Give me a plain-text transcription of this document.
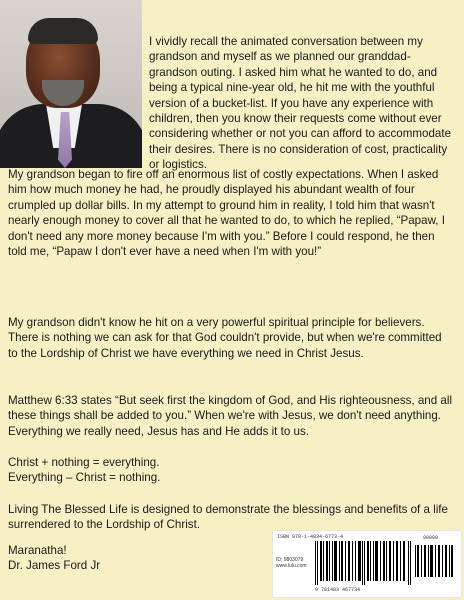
I vividly recall the animated conversation between my grandson and myself as we planned our granddad-grandson outing. I asked him what he wanted to do, and being a typical nine-year old, he hit me with the youthful version of a bucket-list. If you have any experience with children, then you know their requests come without ever considering whether or not you can afford to accommodate their desires. There is no consideration of cost, practicality or logistics.

My grandson began to fire off an enormous list of costly expectations. When I asked him how much money he had, he proudly displayed his abundant wealth of four crumpled up dollar bills. In my attempt to ground him in reality, I told him that wasn't nearly enough money to cover all that he wanted to do, to which he replied, “Papaw, I don't need any more money because I'm with you.” Before I could respond, he then told me, “Papaw I don't ever have a need when I'm with you!”

My grandson didn't know he hit on a very powerful spiritual principle for believers. There is nothing we can ask for that God couldn't provide, but when we're committed to the Lordship of Christ we have everything we need in Christ Jesus.

Matthew 6:33 states “But seek first the kingdom of God, and His righteousness, and all these things shall be added to you.” When we're with Jesus, we don't need anything. Everything we really need, Jesus has and He adds it to us.

Christ + nothing = everything.

Everything – Christ = nothing.

Living The Blessed Life is designed to demonstrate the blessings and benefits of a life surrendered to the Lordship of Christ.

Maranatha!

Dr. James Ford Jr

ISBN 978-1-4834-6773-4
ID: 9803079 www.lulu.com
90000
9 781483 467734
